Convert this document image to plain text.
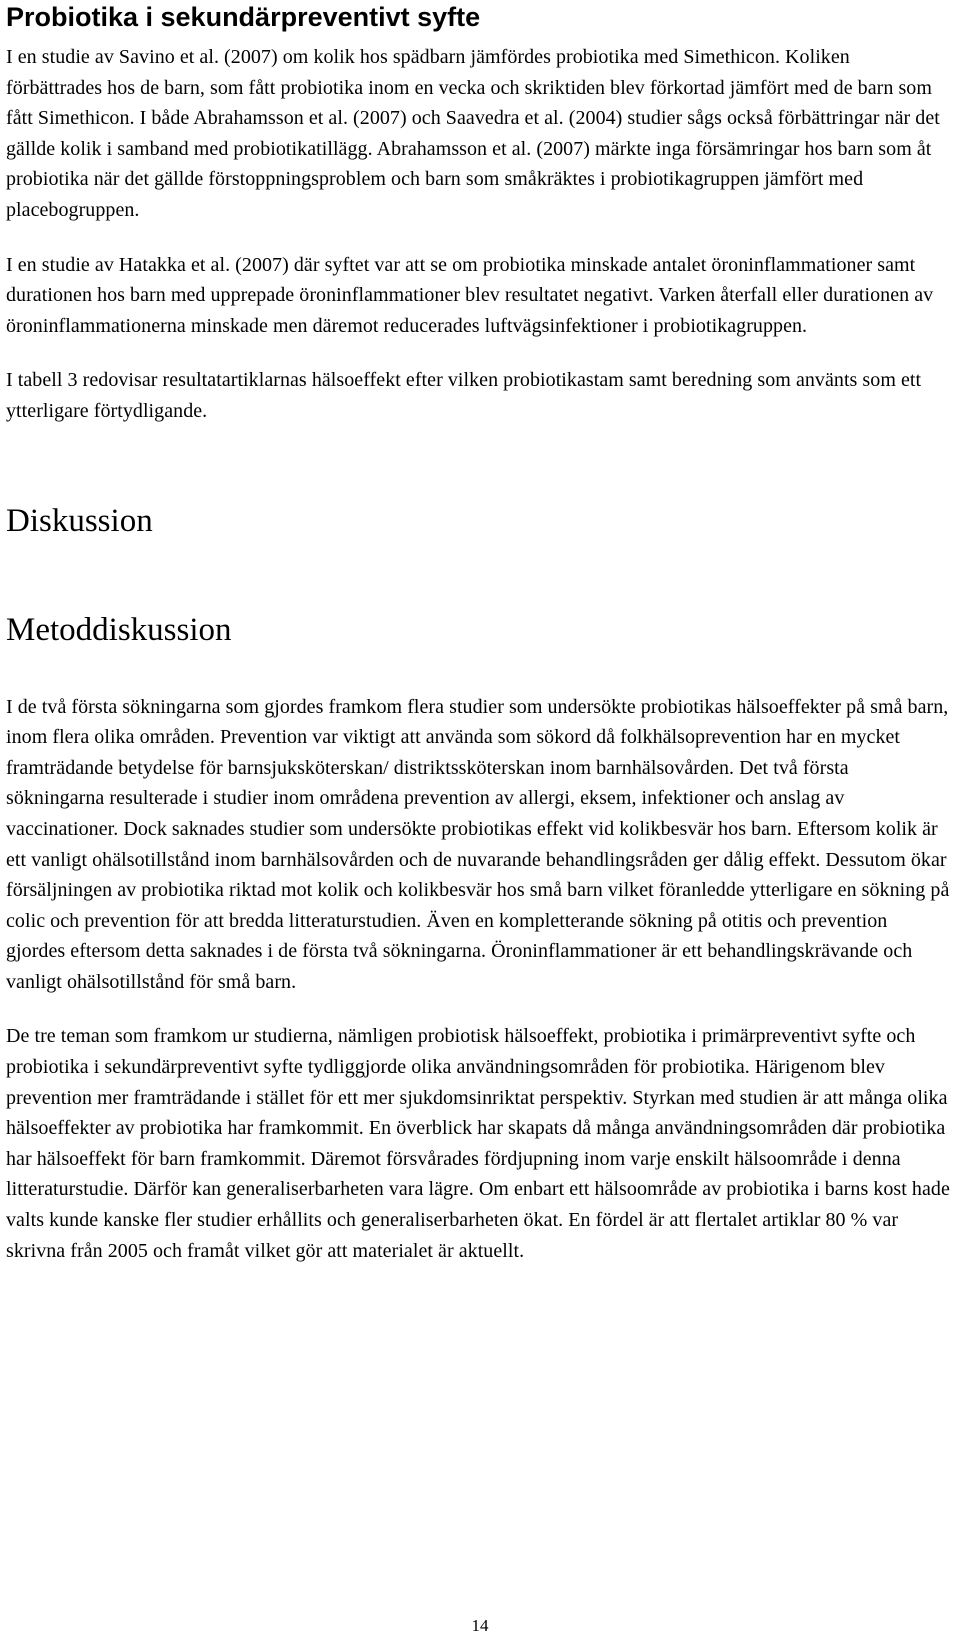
Probiotika i sekundärpreventivt syfte

I en studie av Savino et al. (2007) om kolik hos spädbarn jämfördes probiotika med Simethicon. Koliken förbättrades hos de barn, som fått probiotika inom en vecka och skriktiden blev förkortad jämfört med de barn som fått Simethicon. I både Abrahamsson et al. (2007) och Saavedra et al. (2004) studier sågs också förbättringar när det gällde kolik i samband med probiotikatillägg. Abrahamsson et al. (2007) märkte inga försämringar hos barn som åt probiotika när det gällde förstoppningsproblem och barn som småkräktes i probiotikagruppen jämfört med placebogruppen.

I en studie av Hatakka et al. (2007) där syftet var att se om probiotika minskade antalet öroninflammationer samt durationen hos barn med upprepade öroninflammationer blev resultatet negativt. Varken återfall eller durationen av öroninflammationerna minskade men däremot reducerades luftvägsinfektioner i probiotikagruppen.

I tabell 3 redovisar resultatartiklarnas hälsoeffekt efter vilken probiotikastam samt beredning som använts som ett ytterligare förtydligande.

Diskussion
Metoddiskussion

I de två första sökningarna som gjordes framkom flera studier som undersökte probiotikas hälsoeffekter på små barn, inom flera olika områden. Prevention var viktigt att använda som sökord då folkhälsoprevention har en mycket framträdande betydelse för barnsjuksköterskan/ distriktssköterskan inom barnhälsovården. Det två första sökningarna resulterade i studier inom områdena prevention av allergi, eksem, infektioner och anslag av vaccinationer. Dock saknades studier som undersökte probiotikas effekt vid kolikbesvär hos barn. Eftersom kolik är ett vanligt ohälsotillstånd inom barnhälsovården och de nuvarande behandlingsråden ger dålig effekt. Dessutom ökar försäljningen av probiotika riktad mot kolik och kolikbesvär hos små barn vilket föranledde ytterligare en sökning på colic och prevention för att bredda litteraturstudien. Även en kompletterande sökning på otitis och prevention gjordes eftersom detta saknades i de första två sökningarna. Öroninflammationer är ett behandlingskrävande och vanligt ohälsotillstånd för små barn.

De tre teman som framkom ur studierna, nämligen probiotisk hälsoeffekt, probiotika i primärpreventivt syfte och probiotika i sekundärpreventivt syfte tydliggjorde olika användningsområden för probiotika. Härigenom blev prevention mer framträdande i stället för ett mer sjukdomsinriktat perspektiv. Styrkan med studien är att många olika hälsoeffekter av probiotika har framkommit. En överblick har skapats då många användningsområden där probiotika har hälsoeffekt för barn framkommit. Däremot försvårades fördjupning inom varje enskilt hälsoområde i denna litteraturstudie. Därför kan generaliserbarheten vara lägre. Om enbart ett hälsoområde av probiotika i barns kost hade valts kunde kanske fler studier erhållits och generaliserbarheten ökat. En fördel är att flertalet artiklar 80 % var skrivna från 2005 och framåt vilket gör att materialet är aktuellt.

14
